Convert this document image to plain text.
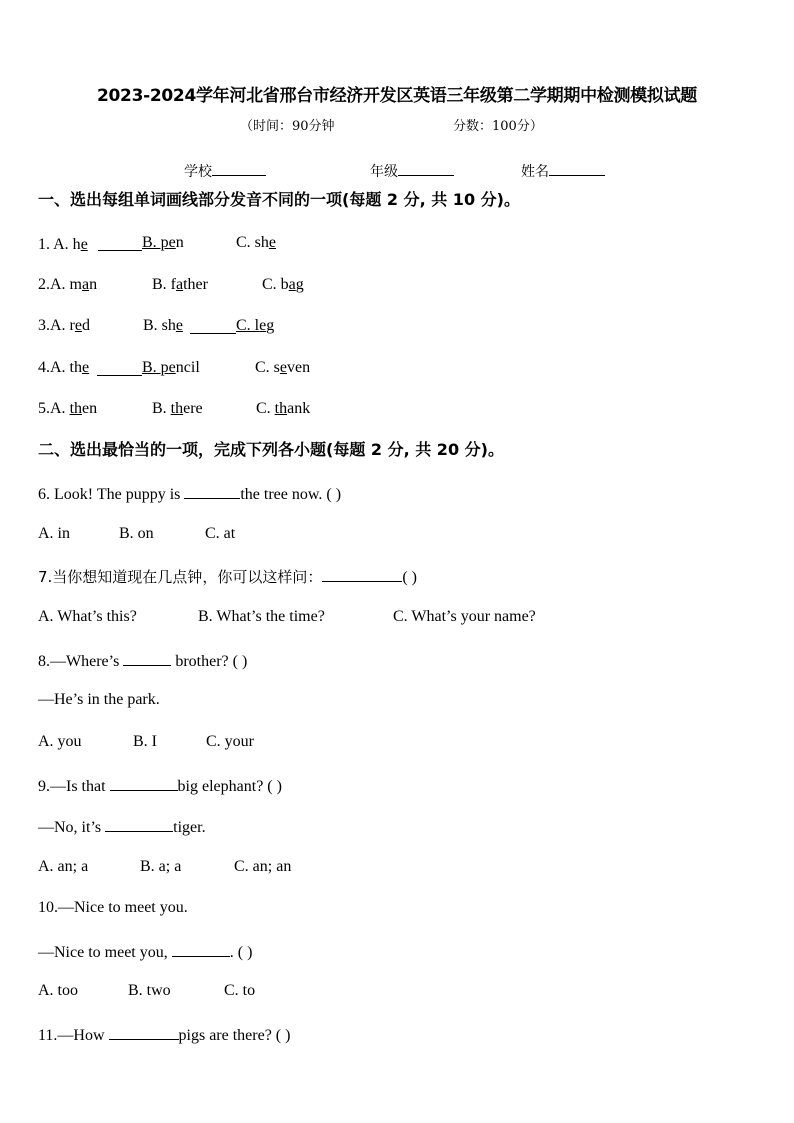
2023-2024学年河北省邢台市经济开发区英语三年级第二学期期中检测模拟试题
（时间：90分钟	分数：100分）
学校	年级	姓名
一、选出每组单词画线部分发音不同的一项(每题 2 分, 共 10 分)。
1. A. he	B. pen	C. she
2.A. man	B. father	C. bag
3.A. red	B. she	C. leg
4.A. the	B. pencil	C. seven
5.A. then	B. there	C. thank
二、选出最恰当的一项，完成下列各小题(每题 2 分, 共 20 分)。
6. Look! The puppy is	the tree now. ( )
A. in	B. on	C. at
7.当你想知道现在几点钟，你可以这样问：	( )
A. What’s this?	B. What’s the time?	C. What’s your name?
8.—Where’s	brother? ( )
—He’s in the park.
A. you	B. I	C. your
9.—Is that	big elephant? ( )
—No, it’s	tiger.
A. an; a	B. a; a	C. an; an
10.—Nice to meet you.
—Nice to meet you,	. ( )
A. too	B. two	C. to
11.—How	pigs are there? ( )
